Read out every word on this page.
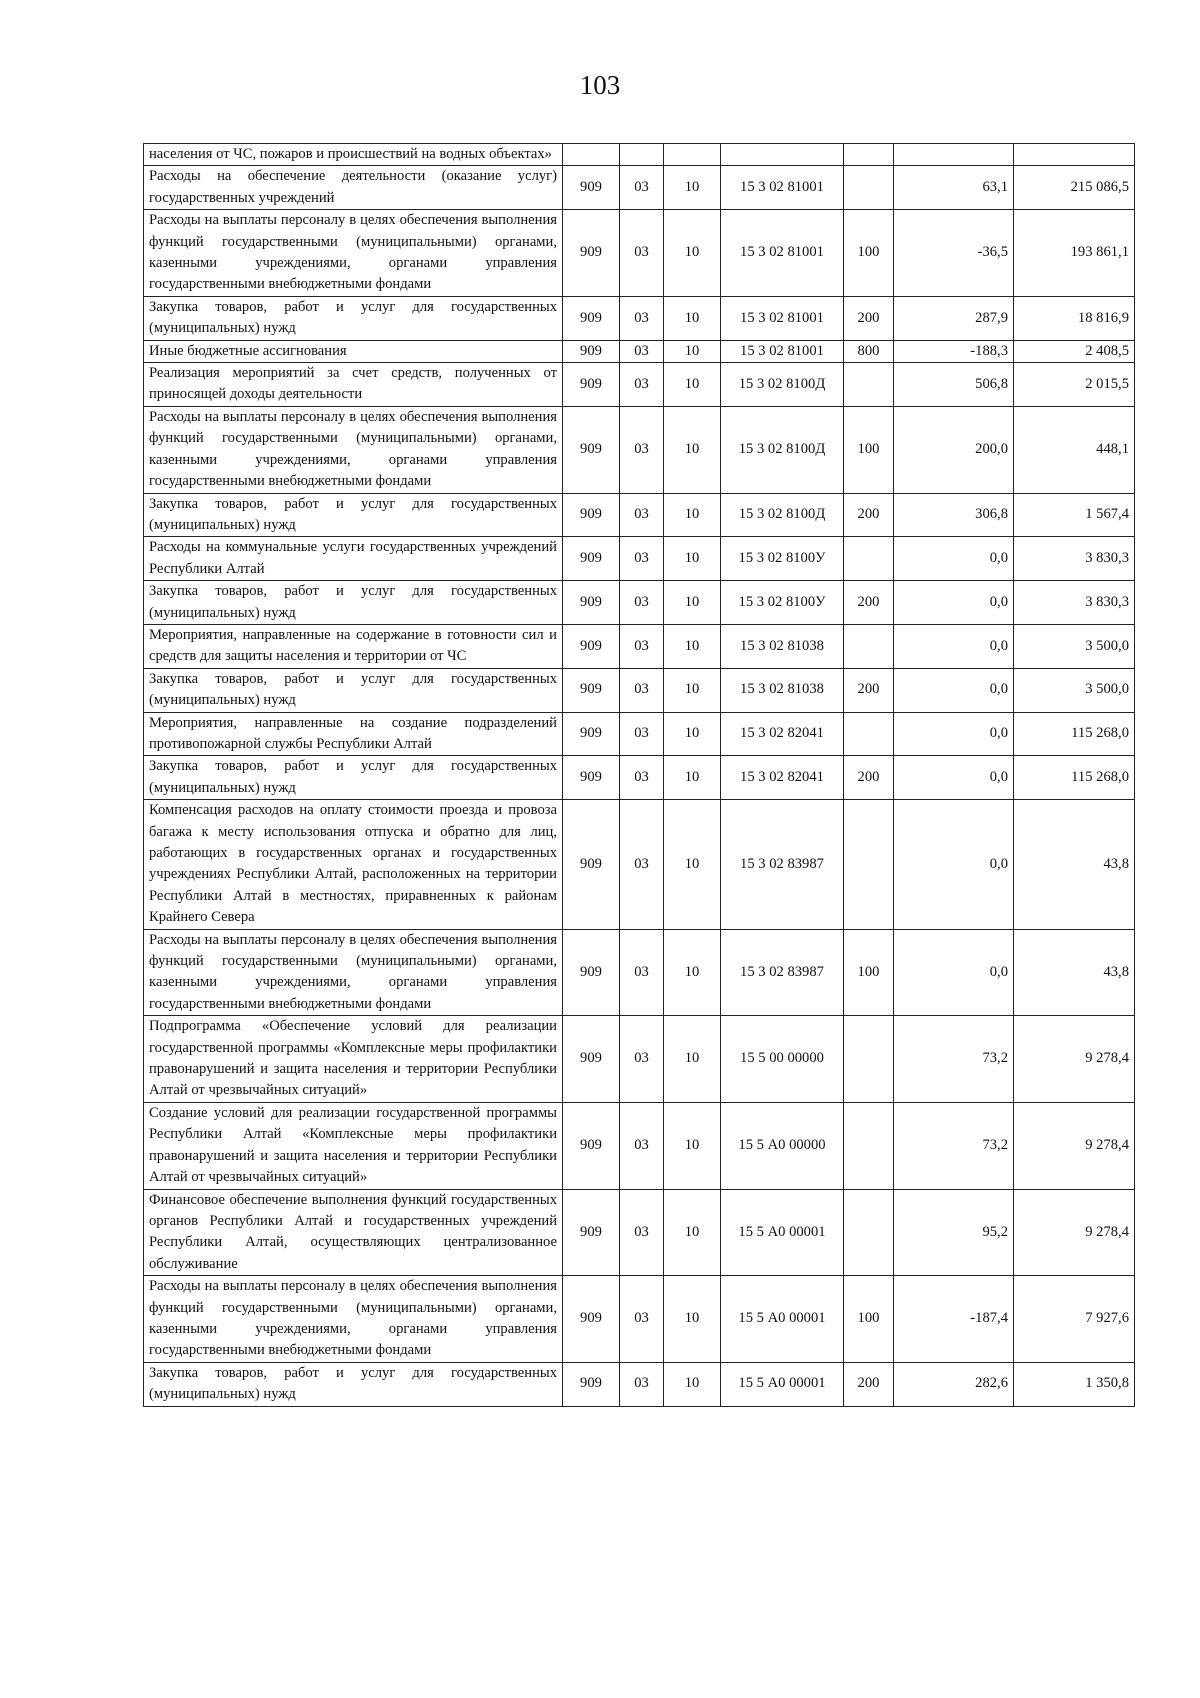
103
населения от ЧС, пожаров и происшествий на водных объектах»							
Расходы на обеспечение деятельности (оказание услуг) государственных учреждений	909	03	10	15 3 02 81001		63,1	215 086,5
Расходы на выплаты персоналу в целях обеспечения выполнения функций государственными (муниципальными) органами, казенными учреждениями, органами управления государственными внебюджетными фондами	909	03	10	15 3 02 81001	100	-36,5	193 861,1
Закупка товаров, работ и услуг для государственных (муниципальных) нужд	909	03	10	15 3 02 81001	200	287,9	18 816,9
Иные бюджетные ассигнования	909	03	10	15 3 02 81001	800	-188,3	2 408,5
Реализация мероприятий за счет средств, полученных от приносящей доходы деятельности	909	03	10	15 3 02 8100Д		506,8	2 015,5
Расходы на выплаты персоналу в целях обеспечения выполнения функций государственными (муниципальными) органами, казенными учреждениями, органами управления государственными внебюджетными фондами	909	03	10	15 3 02 8100Д	100	200,0	448,1
Закупка товаров, работ и услуг для государственных (муниципальных) нужд	909	03	10	15 3 02 8100Д	200	306,8	1 567,4
Расходы на коммунальные услуги государственных учреждений Республики Алтай	909	03	10	15 3 02 8100У		0,0	3 830,3
Закупка товаров, работ и услуг для государственных (муниципальных) нужд	909	03	10	15 3 02 8100У	200	0,0	3 830,3
Мероприятия, направленные на содержание в готовности сил и средств для защиты населения и территории от ЧС	909	03	10	15 3 02 81038		0,0	3 500,0
Закупка товаров, работ и услуг для государственных (муниципальных) нужд	909	03	10	15 3 02 81038	200	0,0	3 500,0
Мероприятия, направленные на создание подразделений противопожарной службы Республики Алтай	909	03	10	15 3 02 82041		0,0	115 268,0
Закупка товаров, работ и услуг для государственных (муниципальных) нужд	909	03	10	15 3 02 82041	200	0,0	115 268,0
Компенсация расходов на оплату стоимости проезда и провоза багажа к месту использования отпуска и обратно для лиц, работающих в государственных органах и государственных учреждениях Республики Алтай, расположенных на территории Республики Алтай в местностях, приравненных к районам Крайнего Севера	909	03	10	15 3 02 83987		0,0	43,8
Расходы на выплаты персоналу в целях обеспечения выполнения функций государственными (муниципальными) органами, казенными учреждениями, органами управления государственными внебюджетными фондами	909	03	10	15 3 02 83987	100	0,0	43,8
Подпрограмма «Обеспечение условий для реализации государственной программы «Комплексные меры профилактики правонарушений и защита населения и территории Республики Алтай от чрезвычайных ситуаций»	909	03	10	15 5 00 00000		73,2	9 278,4
Создание условий для реализации государственной программы Республики Алтай «Комплексные меры профилактики правонарушений и защита населения и территории Республики Алтай от чрезвычайных ситуаций»	909	03	10	15 5 А0 00000		73,2	9 278,4
Финансовое обеспечение выполнения функций государственных органов Республики Алтай и государственных учреждений Республики Алтай, осуществляющих централизованное обслуживание	909	03	10	15 5 А0 00001		95,2	9 278,4
Расходы на выплаты персоналу в целях обеспечения выполнения функций государственными (муниципальными) органами, казенными учреждениями, органами управления государственными внебюджетными фондами	909	03	10	15 5 А0 00001	100	-187,4	7 927,6
Закупка товаров, работ и услуг для государственных (муниципальных) нужд	909	03	10	15 5 А0 00001	200	282,6	1 350,8
